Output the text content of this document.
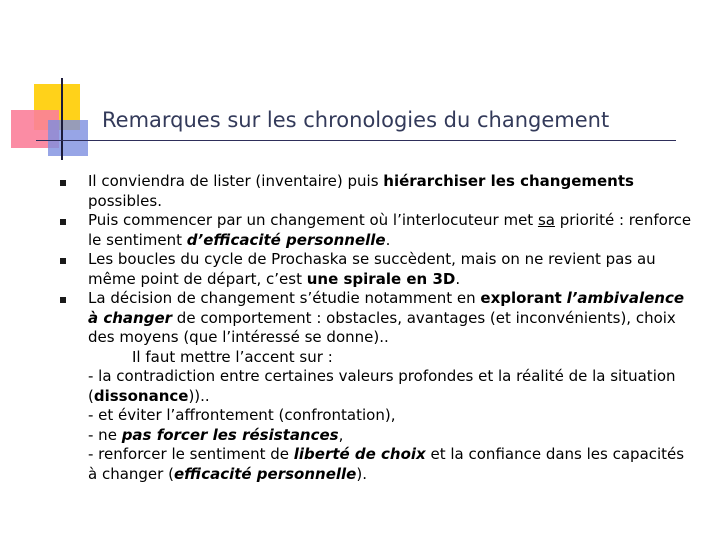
Remarques sur les chronologies du changement
Il conviendra de lister (inventaire) puis hiérarchiser les changements possibles.
Puis commencer par un changement où l’interlocuteur met sa priorité : renforce le sentiment d’efficacité personnelle.
Les boucles du cycle de Prochaska se succèdent, mais on ne revient pas au même point de départ, c’est une spirale en 3D.
La décision de changement s’étudie notamment en explorant l’ambivalence à changer de comportement : obstacles, avantages (et inconvénients), choix des moyens (que l’intéressé se donne)..
Il faut mettre l’accent sur :
- la contradiction entre certaines valeurs profondes et la réalité de la situation (dissonance))..
- et éviter l’affrontement (confrontation),
- ne pas forcer les résistances,
- renforcer le sentiment de liberté de choix et la confiance dans les capacités à changer (efficacité personnelle).
